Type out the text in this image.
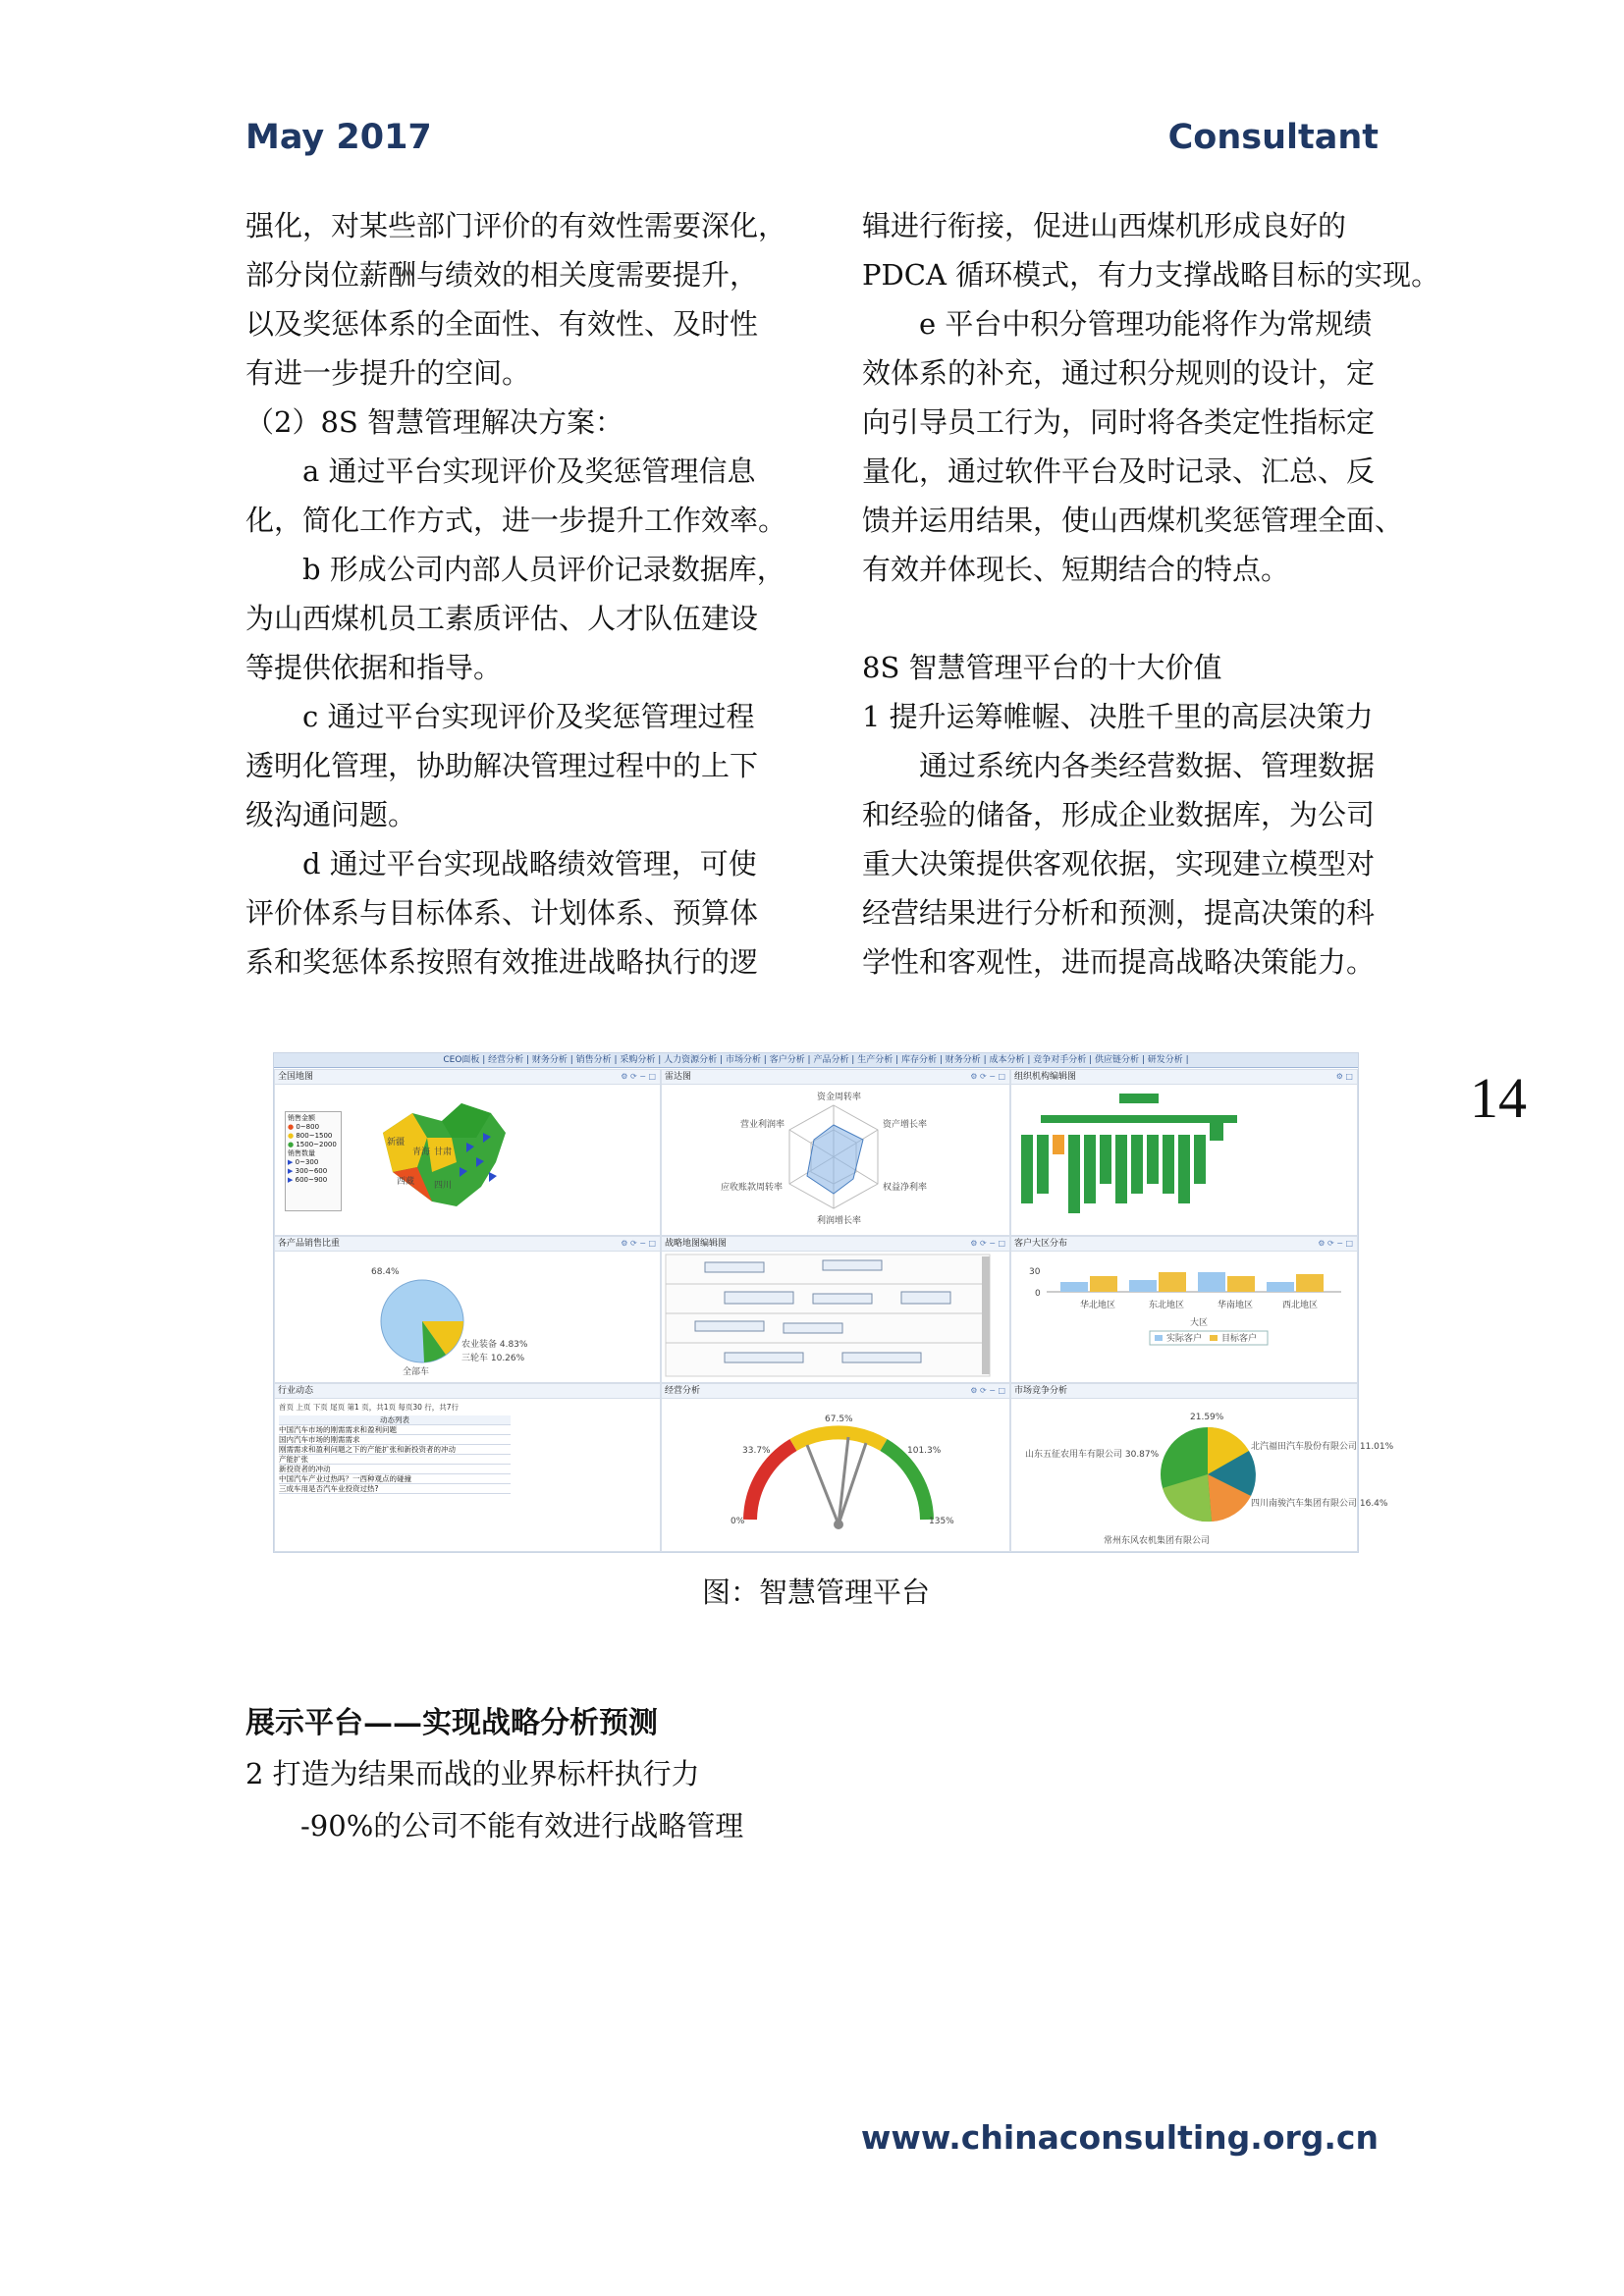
May 2017	Consultant

强化，对某些部门评价的有效性需要深化，

部分岗位薪酬与绩效的相关度需要提升，

以及奖惩体系的全面性、有效性、及时性

有进一步提升的空间。

（2）8S 智慧管理解决方案：

a 通过平台实现评价及奖惩管理信息

化，简化工作方式，进一步提升工作效率。

b 形成公司内部人员评价记录数据库，

为山西煤机员工素质评估、人才队伍建设

等提供依据和指导。

c 通过平台实现评价及奖惩管理过程

透明化管理，协助解决管理过程中的上下

级沟通问题。

d 通过平台实现战略绩效管理，可使

评价体系与目标体系、计划体系、预算体

系和奖惩体系按照有效推进战略执行的逻

辑进行衔接，促进山西煤机形成良好的

PDCA 循环模式，有力支撑战略目标的实现。

e 平台中积分管理功能将作为常规绩

效体系的补充，通过积分规则的设计，定

向引导员工行为，同时将各类定性指标定

量化，通过软件平台及时记录、汇总、反

馈并运用结果，使山西煤机奖惩管理全面、

有效并体现长、短期结合的特点。

8S 智慧管理平台的十大价值

1 提升运筹帷幄、决胜千里的高层决策力

通过系统内各类经营数据、管理数据

和经验的储备，形成企业数据库，为公司

重大决策提供客观依据，实现建立模型对

经营结果进行分析和预测，提高决策的科

学性和客观性，进而提高战略决策能力。

14
CEO面板 | 经营分析 | 财务分析 | 销售分析 | 采购分析 | 人力资源分析 | 市场分析 | 客户分析 | 产品分析 | 生产分析 | 库存分析 | 财务分析 | 成本分析 | 竞争对手分析 | 供应链分析 | 研发分析 |
全国地图	⚙ ⟳ − □
销售金额
● 0~800
● 800~1500
● 1500~2000
销售数量
▶ 0~300
▶ 300~600
▶ 600~900
新疆
西藏
青海 甘肃
四川
雷达图	⚙ ⟳ − □
资金周转率
营业利润率	资产增长率
应收账款周转率
利润增长率
权益净利率
组织机构编辑图	⚙ □
各产品销售比重	⚙ ⟳ − □
68.4%
农业装备 4.83%
三轮车 10.26%
全部车
战略地图编辑图	⚙ ⟳ − □	客户大区分布	⚙ ⟳ − □
30
0
华北地区	东北地区	华南地区	西北地区
大区
实际客户 目标客户
行业动态
首页 上页 下页 尾页 第1 页，共1页 每页30 行，共7行
动态列表
中国汽车市场的刚需需求和盈利问题
国内汽车市场的刚需需求
刚需需求和盈利问题之下的产能扩张和新投资者的冲动
产能扩张
新投资者的冲动
中国汽车产业过热吗？一西种观点的碰撞
三成车用是否汽车业投资过热?
经营分析	⚙ ⟳ − □
67.5%
33.7%	101.3%
0%	135%
市场竞争分析
21.59%
北汽福田汽车股份有限公司 11.01%
山东五征农用车有限公司 30.87%
四川南骏汽车集团有限公司 16.4%
常州东风农机集团有限公司
图：智慧管理平台
展示平台——实现战略分析预测
2 打造为结果而战的业界标杆执行力
-90%的公司不能有效进行战略管理
www.chinaconsulting.org.cn
